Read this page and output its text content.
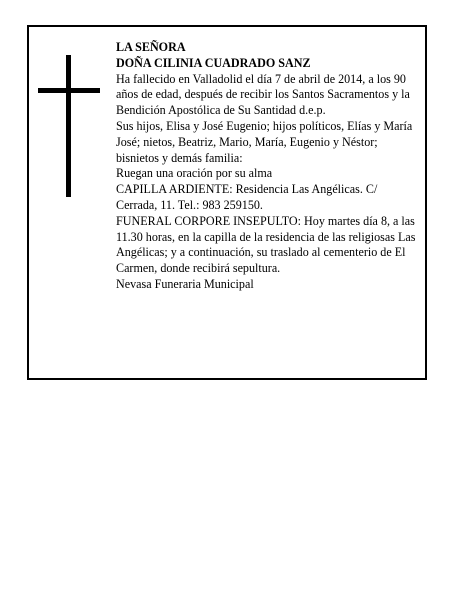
LA SEÑORA

DOÑA CILINIA CUADRADO SANZ

Ha fallecido en Valladolid el día 7 de abril de 2014, a los 90 años de edad, después de recibir los Santos Sacramentos y la Bendición Apostólica de Su Santidad d.e.p.

Sus hijos, Elisa y José Eugenio; hijos políticos, Elías y María José; nietos, Beatriz, Mario, María, Eugenio y Néstor; bisnietos y demás familia:

Ruegan una oración por su alma

CAPILLA ARDIENTE: Residencia Las Angélicas. C/ Cerrada, 11. Tel.: 983 259150.

FUNERAL CORPORE INSEPULTO: Hoy martes día 8, a las 11.30 horas, en la capilla de la residencia de las religiosas Las Angélicas; y a continuación, su traslado al cementerio de El Carmen, donde recibirá sepultura.

Nevasa Funeraria Municipal
